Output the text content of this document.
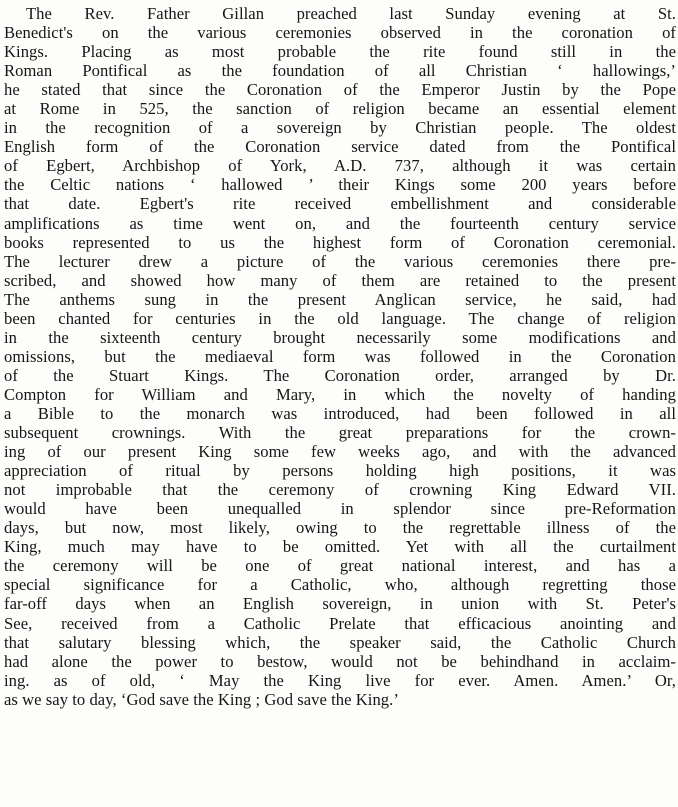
The Rev. Father Gillan preached last Sunday evening at St.
Benedict's on the various ceremonies observed in the coronation of
Kings. Placing as most probable the rite found still in the
Roman Pontifical as the foundation of all Christian ‘ hallowings,’
he stated that since the Coronation of the Emperor Justin by the Pope
at Rome in 525, the sanction of religion became an essential element
in the recognition of a sovereign by Christian people. The oldest
English form of the Coronation service dated from the Pontifical
of Egbert, Archbishop of York, A.D. 737, although it was certain
the Celtic nations ‘ hallowed ’ their Kings some 200 years before
that date. Egbert's rite received embellishment and considerable
amplifications as time went on, and the fourteenth century service
books represented to us the highest form of Coronation ceremonial.
The lecturer drew a picture of the various ceremonies there pre-
scribed, and showed how many of them are retained to the present
The anthems sung in the present Anglican service, he said, had
been chanted for centuries in the old language. The change of religion
in the sixteenth century brought necessarily some modifications and
omissions, but the mediaeval form was followed in the Coronation
of the Stuart Kings. The Coronation order, arranged by Dr.
Compton for William and Mary, in which the novelty of handing
a Bible to the monarch was introduced, had been followed in all
subsequent crownings. With the great preparations for the crown-
ing of our present King some few weeks ago, and with the advanced
appreciation of ritual by persons holding high positions, it was
not improbable that the ceremony of crowning King Edward VII.
would have been unequalled in splendor since pre-Reformation
days, but now, most likely, owing to the regrettable illness of the
King, much may have to be omitted. Yet with all the curtailment
the ceremony will be one of great national interest, and has a
special significance for a Catholic, who, although regretting those
far-off days when an English sovereign, in union with St. Peter's
See, received from a Catholic Prelate that efficacious anointing and
that salutary blessing which, the speaker said, the Catholic Church
had alone the power to bestow, would not be behindhand in acclaim-
ing. as of old, ‘ May the King live for ever. Amen. Amen.’ Or,
as we say to day, ‘God save the King ; God save the King.’
